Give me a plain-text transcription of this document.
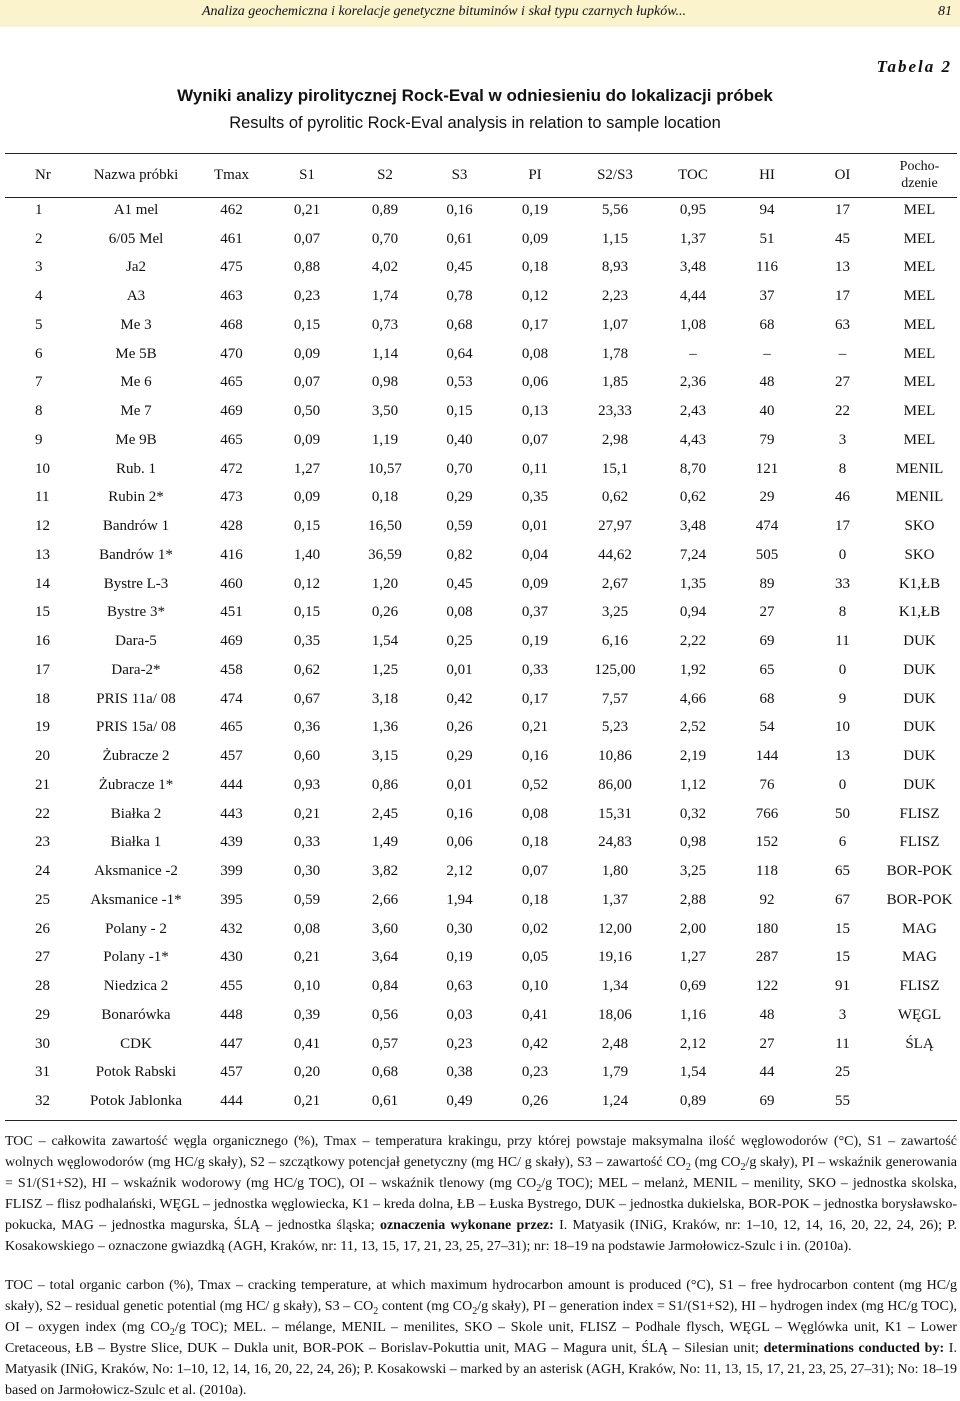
Analiza geochemiczna i korelacje genetyczne bituminów i skał typu czarnych łupków...	81
Tabela 2
Wyniki analizy pirolitycznej Rock-Eval w odniesieniu do lokalizacji próbek
Results of pyrolitic Rock-Eval analysis in relation to sample location
Nr	Nazwa próbki	Tmax	S1	S2	S3	PI	S2/S3	TOC	HI	OI	Pocho-
dzenie
1	A1 mel	462	0,21	0,89	0,16	0,19	5,56	0,95	94	17	MEL
2	6/05 Mel	461	0,07	0,70	0,61	0,09	1,15	1,37	51	45	MEL
3	Ja2	475	0,88	4,02	0,45	0,18	8,93	3,48	116	13	MEL
4	A3	463	0,23	1,74	0,78	0,12	2,23	4,44	37	17	MEL
5	Me 3	468	0,15	0,73	0,68	0,17	1,07	1,08	68	63	MEL
6	Me 5B	470	0,09	1,14	0,64	0,08	1,78	–	–	–	MEL
7	Me 6	465	0,07	0,98	0,53	0,06	1,85	2,36	48	27	MEL
8	Me 7	469	0,50	3,50	0,15	0,13	23,33	2,43	40	22	MEL
9	Me 9B	465	0,09	1,19	0,40	0,07	2,98	4,43	79	3	MEL
10	Rub. 1	472	1,27	10,57	0,70	0,11	15,1	8,70	121	8	MENIL
11	Rubin 2*	473	0,09	0,18	0,29	0,35	0,62	0,62	29	46	MENIL
12	Bandrów 1	428	0,15	16,50	0,59	0,01	27,97	3,48	474	17	SKO
13	Bandrów 1*	416	1,40	36,59	0,82	0,04	44,62	7,24	505	0	SKO
14	Bystre L-3	460	0,12	1,20	0,45	0,09	2,67	1,35	89	33	K1,ŁB
15	Bystre 3*	451	0,15	0,26	0,08	0,37	3,25	0,94	27	8	K1,ŁB
16	Dara-5	469	0,35	1,54	0,25	0,19	6,16	2,22	69	11	DUK
17	Dara-2*	458	0,62	1,25	0,01	0,33	125,00	1,92	65	0	DUK
18	PRIS 11a/ 08	474	0,67	3,18	0,42	0,17	7,57	4,66	68	9	DUK
19	PRIS 15a/ 08	465	0,36	1,36	0,26	0,21	5,23	2,52	54	10	DUK
20	Żubracze 2	457	0,60	3,15	0,29	0,16	10,86	2,19	144	13	DUK
21	Żubracze 1*	444	0,93	0,86	0,01	0,52	86,00	1,12	76	0	DUK
22	Białka 2	443	0,21	2,45	0,16	0,08	15,31	0,32	766	50	FLISZ
23	Białka 1	439	0,33	1,49	0,06	0,18	24,83	0,98	152	6	FLISZ
24	Aksmanice -2	399	0,30	3,82	2,12	0,07	1,80	3,25	118	65	BOR-POK
25	Aksmanice -1*	395	0,59	2,66	1,94	0,18	1,37	2,88	92	67	BOR-POK
26	Polany - 2	432	0,08	3,60	0,30	0,02	12,00	2,00	180	15	MAG
27	Polany -1*	430	0,21	3,64	0,19	0,05	19,16	1,27	287	15	MAG
28	Niedzica 2	455	0,10	0,84	0,63	0,10	1,34	0,69	122	91	FLISZ
29	Bonarówka	448	0,39	0,56	0,03	0,41	18,06	1,16	48	3	WĘGL
30	CDK	447	0,41	0,57	0,23	0,42	2,48	2,12	27	11	ŚLĄ
31	Potok Rabski	457	0,20	0,68	0,38	0,23	1,79	1,54	44	25	
32	Potok Jablonka	444	0,21	0,61	0,49	0,26	1,24	0,89	69	55	
TOC – całkowita zawartość węgla organicznego (%), Tmax – temperatura krakingu, przy której powstaje maksymalna ilość węglowodorów (°C), S1 – zawartość wolnych węglowodorów (mg HC/g skały), S2 – szczątkowy potencjał genetyczny (mg HC/ g skały), S3 – zawartość $CO_2$ (mg $CO_2/g$ skały), PI – wskaźnik generowania = S1/(S1+S2), HI – wskaźnik wodorowy (mg HC/g TOC), OI – wskaźnik tlenowy (mg $CO_2/g$ TOC); MEL – melanż, MENIL – menility, SKO – jednostka skolska, FLISZ – flisz podhalański, WĘGL – jednostka węglowiecka, K1 – kreda dolna, ŁB – Łuska Bystrego, DUK – jednostka dukielska, BOR-POK – jednostka borysławsko-pokucka, MAG – jednostka magurska, ŚLĄ – jednostka śląska; oznaczenia wykonane przez: I. Matyasik (INiG, Kraków, nr: 1–10, 12, 14, 16, 20, 22, 24, 26); P. Kosakowskiego – oznaczone gwiazdką (AGH, Kraków, nr: 11, 13, 15, 17, 21, 23, 25, 27–31); nr: 18–19 na podstawie Jarmołowicz-Szulc i in. (2010a).
TOC – total organic carbon (%), Tmax – cracking temperature, at which maximum hydrocarbon amount is produced (°C), S1 – free hydrocarbon content (mg HC/g skały), S2 – residual genetic potential (mg HC/ g skały), $S3 - CO_2$ content (mg $CO_2/g$ skały), PI – generation index = S1/(S1+S2), HI – hydrogen index (mg HC/g TOC), OI – oxygen index (mg $CO_2/g$ TOC); MEL. – mélange, MENIL – menilites, SKO – Skole unit, FLISZ – Podhale flysch, WĘGL – Węglówka unit, K1 – Lower Cretaceous, ŁB – Bystre Slice, DUK – Dukla unit, BOR-POK – Borislav-Pokuttia unit, MAG – Magura unit, ŚLĄ – Silesian unit; determinations conducted by: I. Matyasik (INiG, Kraków, No: 1–10, 12, 14, 16, 20, 22, 24, 26); P. Kosakowski – marked by an asterisk (AGH, Kraków, No: 11, 13, 15, 17, 21, 23, 25, 27–31); No: 18–19 based on Jarmołowicz-Szulc et al. (2010a).
